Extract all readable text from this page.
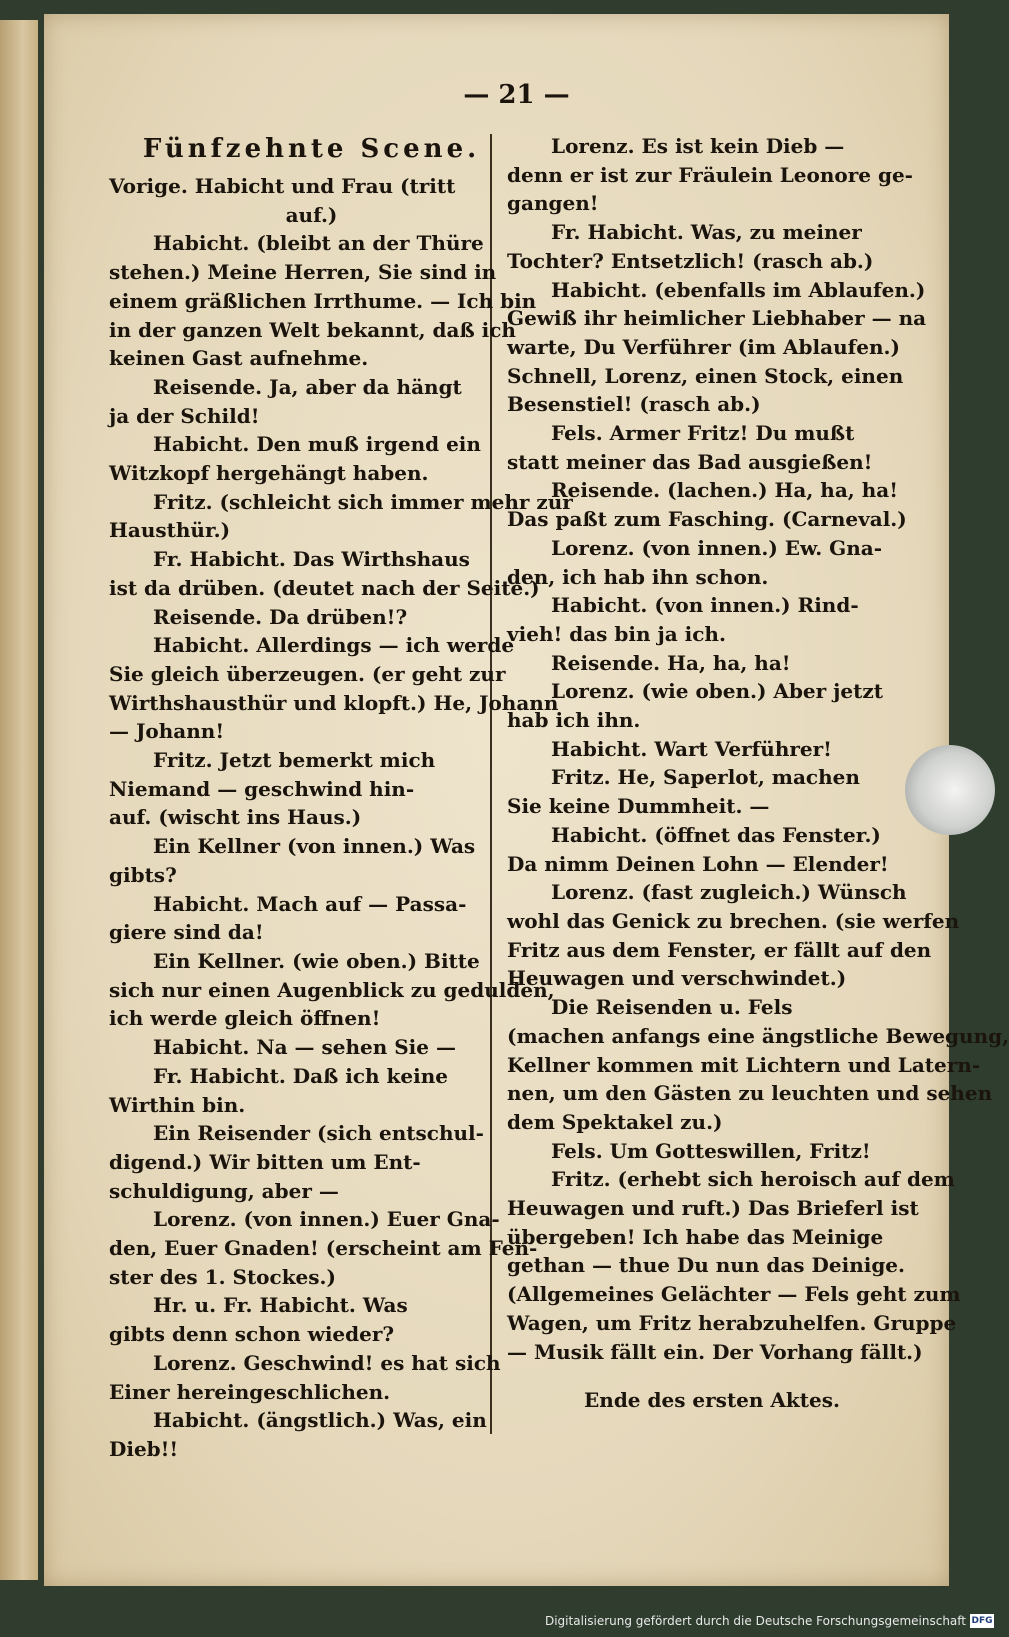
— 21 —

Fünfzehnte Scene.

Vorige. Habicht und Frau (tritt

auf.)

Habicht. (bleibt an der Thüre

stehen.) Meine Herren, Sie sind in

einem gräßlichen Irrthume. — Ich bin

in der ganzen Welt bekannt, daß ich

keinen Gast aufnehme.

Reisende. Ja, aber da hängt

ja der Schild!

Habicht. Den muß irgend ein

Witzkopf hergehängt haben.

Fritz. (schleicht sich immer mehr zur

Hausthür.)

Fr. Habicht. Das Wirthshaus

ist da drüben. (deutet nach der Seite.)

Reisende. Da drüben!?

Habicht. Allerdings — ich werde

Sie gleich überzeugen. (er geht zur

Wirthshausthür und klopft.) He, Johann

— Johann!

Fritz. Jetzt bemerkt mich

Niemand — geschwind hin-

auf. (wischt ins Haus.)

Ein Kellner (von innen.) Was

gibts?

Habicht. Mach auf — Passa-

giere sind da!

Ein Kellner. (wie oben.) Bitte

sich nur einen Augenblick zu gedulden,

ich werde gleich öffnen!

Habicht. Na — sehen Sie —

Fr. Habicht. Daß ich keine

Wirthin bin.

Ein Reisender (sich entschul-

digend.) Wir bitten um Ent-

schuldigung, aber —

Lorenz. (von innen.) Euer Gna-

den, Euer Gnaden! (erscheint am Fen-

ster des 1. Stockes.)

Hr. u. Fr. Habicht. Was

gibts denn schon wieder?

Lorenz. Geschwind! es hat sich

Einer hereingeschlichen.

Habicht. (ängstlich.) Was, ein

Dieb!!

Lorenz. Es ist kein Dieb —

denn er ist zur Fräulein Leonore ge-

gangen!

Fr. Habicht. Was, zu meiner

Tochter? Entsetzlich! (rasch ab.)

Habicht. (ebenfalls im Ablaufen.)

Gewiß ihr heimlicher Liebhaber — na

warte, Du Verführer (im Ablaufen.)

Schnell, Lorenz, einen Stock, einen

Besenstiel! (rasch ab.)

Fels. Armer Fritz! Du mußt

statt meiner das Bad ausgießen!

Reisende. (lachen.) Ha, ha, ha!

Das paßt zum Fasching. (Carneval.)

Lorenz. (von innen.) Ew. Gna-

den, ich hab ihn schon.

Habicht. (von innen.) Rind-

vieh! das bin ja ich.

Reisende. Ha, ha, ha!

Lorenz. (wie oben.) Aber jetzt

hab ich ihn.

Habicht. Wart Verführer!

Fritz. He, Saperlot, machen

Sie keine Dummheit. —

Habicht. (öffnet das Fenster.)

Da nimm Deinen Lohn — Elender!

Lorenz. (fast zugleich.) Wünsch

wohl das Genick zu brechen. (sie werfen

Fritz aus dem Fenster, er fällt auf den

Heuwagen und verschwindet.)

Die Reisenden u. Fels

(machen anfangs eine ängstliche Bewegung,

Kellner kommen mit Lichtern und Latern-

nen, um den Gästen zu leuchten und sehen

dem Spektakel zu.)

Fels. Um Gotteswillen, Fritz!

Fritz. (erhebt sich heroisch auf dem

Heuwagen und ruft.) Das Brieferl ist

übergeben! Ich habe das Meinige

gethan — thue Du nun das Deinige.

(Allgemeines Gelächter — Fels geht zum

Wagen, um Fritz herabzuhelfen. Gruppe

— Musik fällt ein. Der Vorhang fällt.)

Ende des ersten Aktes.

Digitalisierung gefördert durch die Deutsche Forschungsgemeinschaft DFG
